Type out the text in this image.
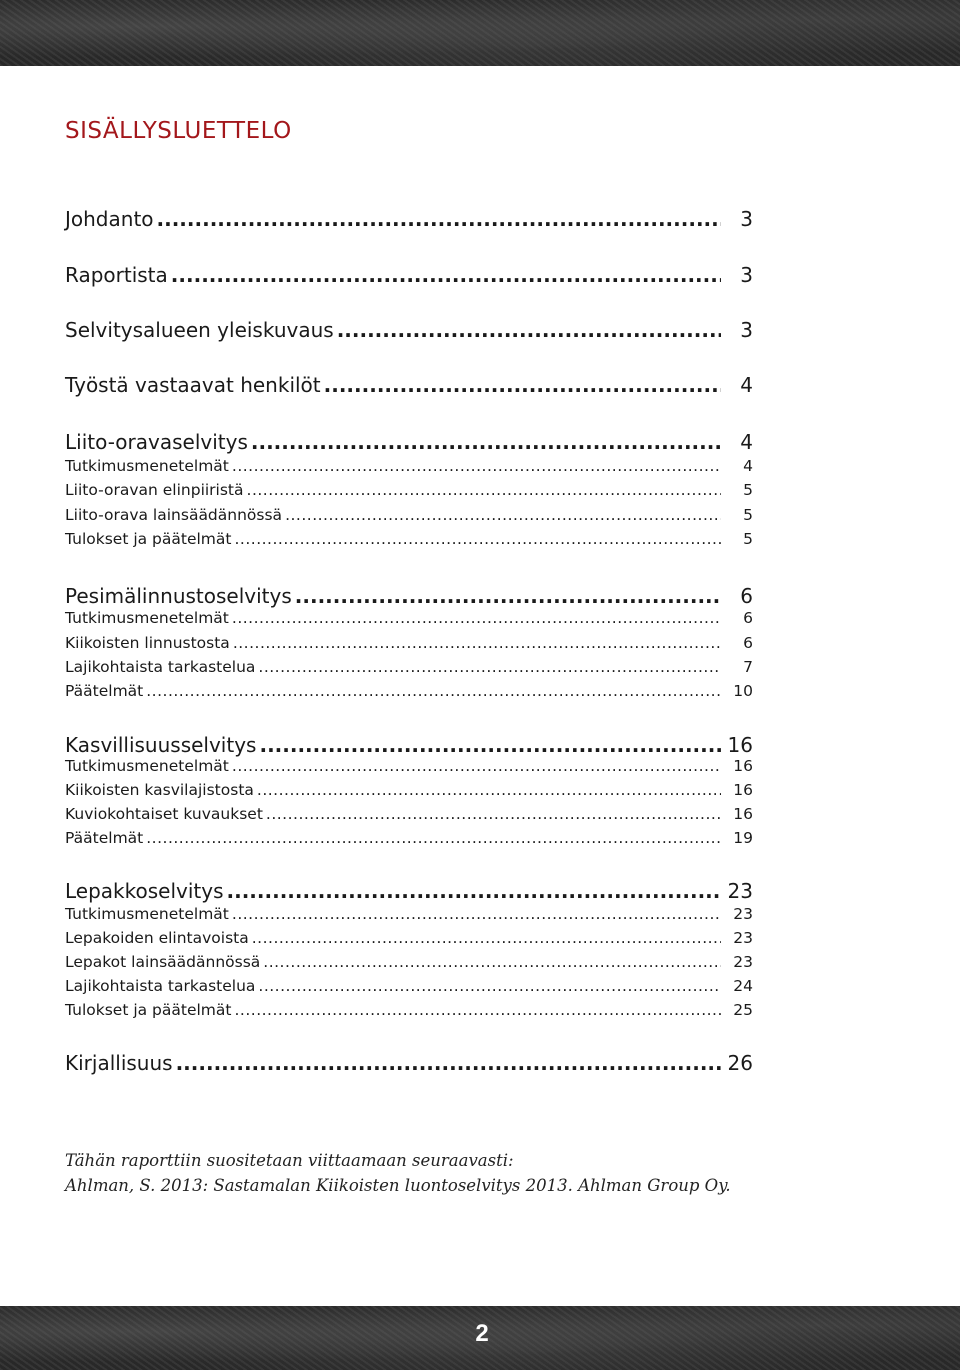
SISÄLLYSLUETTELO
Johdanto .....	3
Raportista .....	3
Selvitysalueen yleiskuvaus .....	3
Työstä vastaavat henkilöt .....	4
Liito-oravaselvitys .....	4
Tutkimusmenetelmät .....	4
Liito-oravan elinpiiristä .....	5
Liito-orava lainsäädännössä .....	5
Tulokset ja päätelmät .....	5
Pesimälinnustoselvitys .....	6
Tutkimusmenetelmät .....	6
Kiikoisten linnustosta .....	6
Lajikohtaista tarkastelua .....	7
Päätelmät .....	10
Kasvillisuusselvitys .....	16
Tutkimusmenetelmät .....	16
Kiikoisten kasvilajistosta .....	16
Kuviokohtaiset kuvaukset .....	16
Päätelmät .....	19
Lepakkoselvitys .....	23
Tutkimusmenetelmät .....	23
Lepakoiden elintavoista .....	23
Lepakot lainsäädännössä .....	23
Lajikohtaista tarkastelua .....	24
Tulokset ja päätelmät .....	25
Kirjallisuus .....	26

Tähän raporttiin suositetaan viittaamaan seuraavasti:

Ahlman, S. 2013: Sastamalan Kiikoisten luontoselvitys 2013. Ahlman Group Oy.

2
